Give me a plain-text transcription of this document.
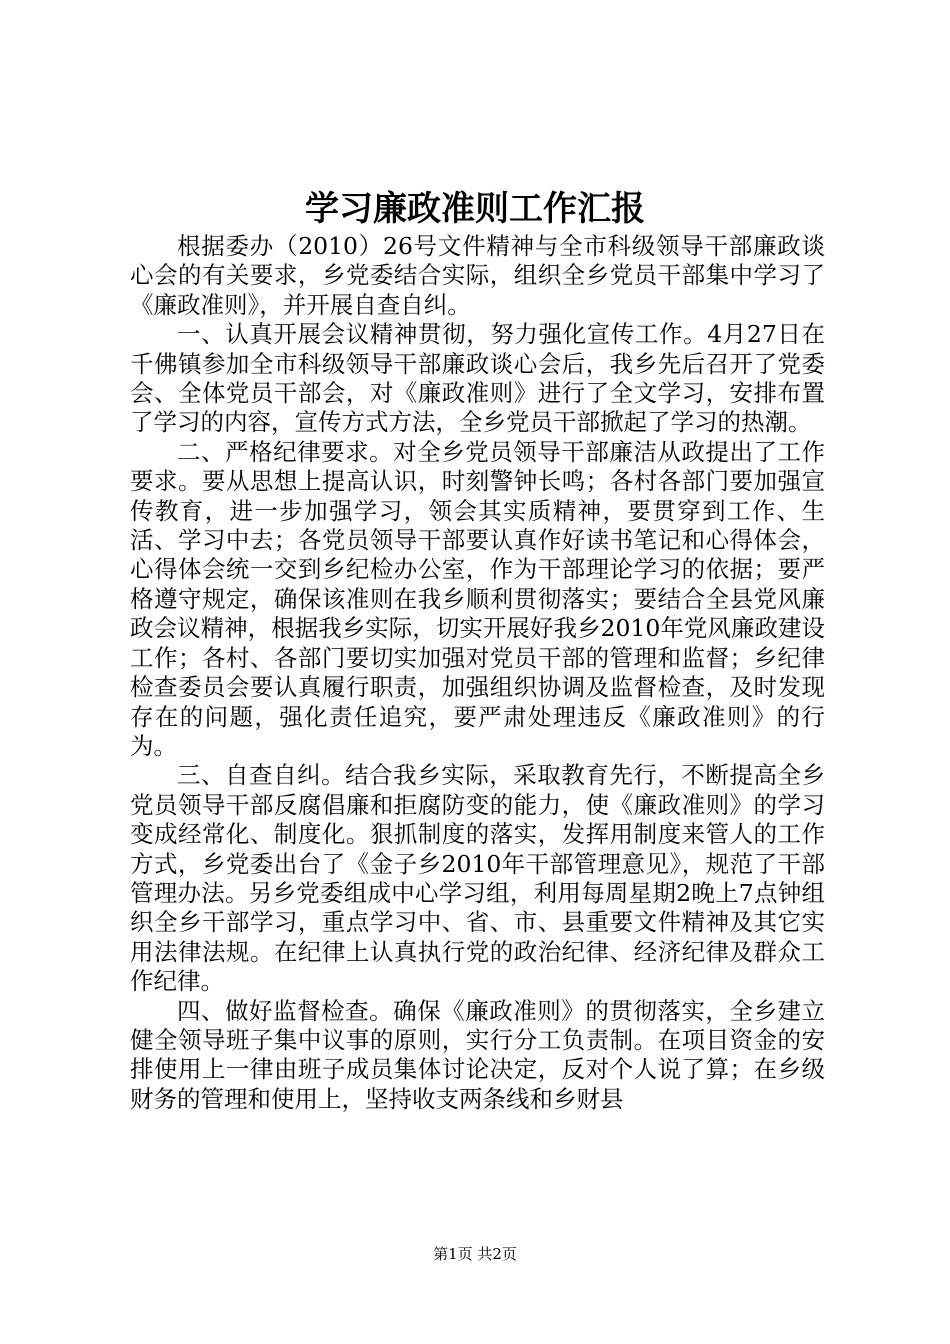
学习廉政准则工作汇报

根据委办（2010）26号文件精神与全市科级领导干部廉政谈心会的有关要求，乡党委结合实际，组织全乡党员干部集中学习了《廉政准则》，并开展自查自纠。

一、认真开展会议精神贯彻，努力强化宣传工作。4月27日在千佛镇参加全市科级领导干部廉政谈心会后，我乡先后召开了党委会、全体党员干部会，对《廉政准则》进行了全文学习，安排布置了学习的内容，宣传方式方法，全乡党员干部掀起了学习的热潮。

二、严格纪律要求。对全乡党员领导干部廉洁从政提出了工作要求。要从思想上提高认识，时刻警钟长鸣；各村各部门要加强宣传教育，进一步加强学习，领会其实质精神，要贯穿到工作、生活、学习中去；各党员领导干部要认真作好读书笔记和心得体会，心得体会统一交到乡纪检办公室，作为干部理论学习的依据；要严格遵守规定，确保该准则在我乡顺利贯彻落实；要结合全县党风廉政会议精神，根据我乡实际，切实开展好我乡2010年党风廉政建设工作；各村、各部门要切实加强对党员干部的管理和监督；乡纪律检查委员会要认真履行职责，加强组织协调及监督检查，及时发现存在的问题，强化责任追究，要严肃处理违反《廉政准则》的行为。

三、自查自纠。结合我乡实际，采取教育先行，不断提高全乡党员领导干部反腐倡廉和拒腐防变的能力，使《廉政准则》的学习变成经常化、制度化。狠抓制度的落实，发挥用制度来管人的工作方式，乡党委出台了《金子乡2010年干部管理意见》，规范了干部管理办法。另乡党委组成中心学习组，利用每周星期2晚上7点钟组织全乡干部学习，重点学习中、省、市、县重要文件精神及其它实用法律法规。在纪律上认真执行党的政治纪律、经济纪律及群众工作纪律。

四、做好监督检查。确保《廉政准则》的贯彻落实，全乡建立健全领导班子集中议事的原则，实行分工负责制。在项目资金的安排使用上一律由班子成员集体讨论决定，反对个人说了算；在乡级财务的管理和使用上，坚持收支两条线和乡财县

第1页 共2页
